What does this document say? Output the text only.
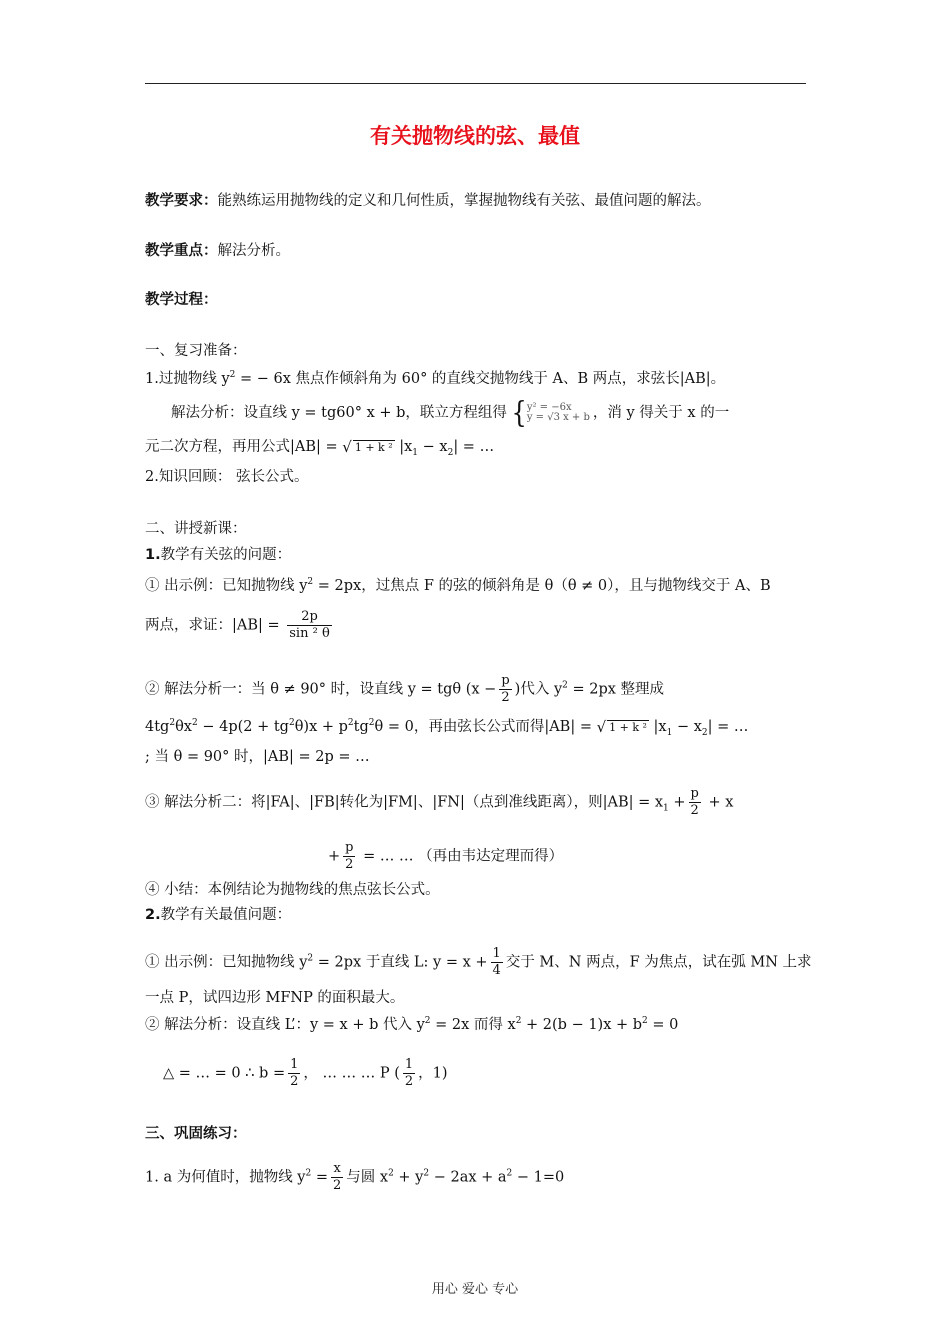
有关抛物线的弦、最值
教学要求：能熟练运用抛物线的定义和几何性质，掌握抛物线有关弦、最值问题的解法。
教学重点：解法分析。
教学过程：
一、复习准备：
1.过抛物线 $y^2$ = − 6x 焦点作倾斜角为 60° 的直线交抛物线于 A、B 两点，求弦长|AB|。
解法分析：设直线 y = tg60° x + b，联立方程组得 { y² = −6x
y = √3 x + b ，消 y 得关于 x 的一
元二次方程，再用公式|AB| = √ 1 + k ² $|x_1 - x_2|$ = …
2.知识回顾： 弦长公式。
二、讲授新课：
1.教学有关弦的问题：
① 出示例：已知抛物线 $y^2 = 2px$，过焦点 F 的弦的倾斜角是 θ（θ ≠ 0），且与抛物线交于 A、B
两点，求证：$|AB| = \frac{2p}{\text{sin ² θ}}$
② 解法分析一：当 θ ≠ 90° 时，设直线 y = tgθ ($x - \frac{p}{2}$ )代入 $y^2 = 2px$ 整理成
$4tg^2\theta x^2 - 4p(2 + tg^2\theta)x + p^2tg^2\theta = 0$，再由弦长公式而得|AB| = √ 1 + k ² $|x_1 - x_2|$ = …
; 当 θ = 90° 时，|AB| = 2p = …
③ 解法分析二：将|FA|、|FB|转化为|FM|、|FN|（点到准线距离），则$|AB| = x_1 + \frac{p}{2} + x$
+ $\frac{p}{2}$ = … … （再由韦达定理而得）
④ 小结：本例结论为抛物线的焦点弦长公式。
2.教学有关最值问题：
① 出示例：已知抛物线 $y^2 = 2px$ 于直线 L: $y = x + \frac{1}{4}$ 交于 M、N 两点，F 为焦点，试在弧 MN 上求
一点 P，试四边形 MFNP 的面积最大。
② 解法分析：设直线 L’：y = x + b 代入 $y^2 = 2x$ 而得 $x^2 + 2(b - 1)x + b^2 = 0$
△ = … = 0 ∴ $b = \frac{1}{2}$ ， … … … P ( $\frac{1}{2}$ ，1)
三、巩固练习：
1. a 为何值时，抛物线 $y^2 = \frac{x}{2}$ 与圆 $x^2 + y^2 - 2ax + a^2 - 1=0$
用心 爱心 专心
